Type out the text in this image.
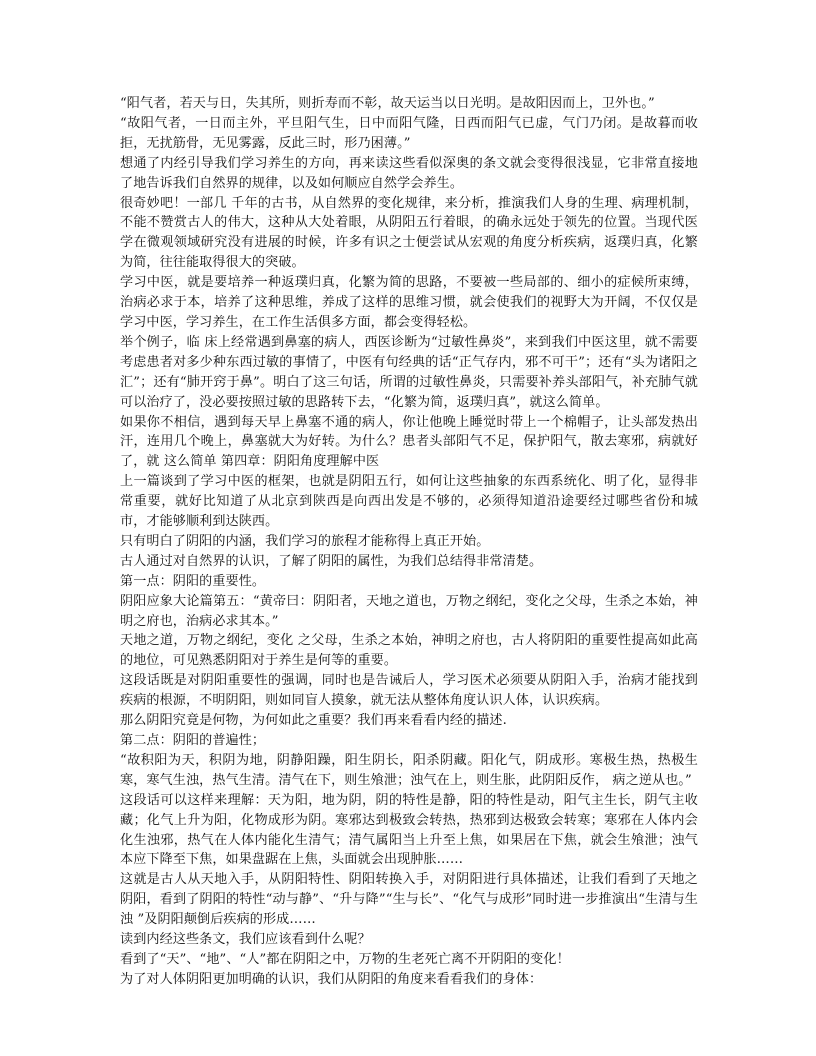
“阳气者，若天与日，失其所，则折寿而不彰，故天运当以日光明。是故阳因而上，卫外也。”

“故阳气者，一日而主外，平旦阳气生，日中而阳气隆，日西而阳气已虚，气门乃闭。是故暮而收拒，无扰筋骨，无见雾露，反此三时，形乃困薄。”

想通了内经引导我们学习养生的方向，再来读这些看似深奥的条文就会变得很浅显，它非常直接地了地告诉我们自然界的规律，以及如何顺应自然学会养生。

很奇妙吧！一部几 千年的古书，从自然界的变化规律，来分析，推演我们人身的生理、病理机制，不能不赞赏古人的伟大，这种从大处着眼，从阴阳五行着眼，的确永远处于领先的位置。当现代医学在微观领域研究没有进展的时候，许多有识之士便尝试从宏观的角度分析疾病，返璞归真，化繁为简，往往能取得很大的突破。

学习中医，就是要培养一种返璞归真，化繁为简的思路，不要被一些局部的、细小的症候所束缚，治病必求于本，培养了这种思维，养成了这样的思维习惯，就会使我们的视野大为开阔，不仅仅是学习中医，学习养生，在工作生活俱多方面，都会变得轻松。

举个例子，临 床上经常遇到鼻塞的病人，西医诊断为“过敏性鼻炎”，来到我们中医这里，就不需要考虑患者对多少种东西过敏的事情了，中医有句经典的话“正气存内，邪不可干”；还有“头为诸阳之汇”；还有“肺开窍于鼻”。明白了这三句话，所谓的过敏性鼻炎，只需要补养头部阳气，补充肺气就可以治疗了，没必要按照过敏的思路转下去，“化繁为简，返璞归真”，就这么简单。

如果你不相信，遇到每天早上鼻塞不通的病人，你让他晚上睡觉时带上一个棉帽子，让头部发热出汗，连用几个晚上，鼻塞就大为好转。为什么？患者头部阳气不足，保护阳气，散去寒邪，病就好了，就 这么简单 第四章：阴阳角度理解中医

上一篇谈到了学习中医的框架，也就是阴阳五行，如何让这些抽象的东西系统化、明了化，显得非常重要，就好比知道了从北京到陕西是向西出发是不够的，必须得知道沿途要经过哪些省份和城市，才能够顺利到达陕西。

只有明白了阴阳的内涵，我们学习的旅程才能称得上真正开始。

古人通过对自然界的认识，了解了阴阳的属性，为我们总结得非常清楚。

第一点：阴阳的重要性。

阴阳应象大论篇第五：“黄帝曰：阴阳者，天地之道也，万物之纲纪，变化之父母，生杀之本始，神明之府也，治病必求其本。”

天地之道，万物之纲纪，变化 之父母，生杀之本始，神明之府也，古人将阴阳的重要性提高如此高的地位，可见熟悉阴阳对于养生是何等的重要。

这段话既是对阴阳重要性的强调，同时也是告诫后人，学习医术必须要从阴阳入手，治病才能找到疾病的根源，不明阴阳，则如同盲人摸象，就无法从整体角度认识人体，认识疾病。

那么阴阳究竟是何物，为何如此之重要？我们再来看看内经的描述.

第二点：阴阳的普遍性；

“故积阳为天，积阴为地，阴静阳躁，阳生阴长，阳杀阴藏。阳化气，阴成形。寒极生热，热极生寒，寒气生浊，热气生清。清气在下，则生飧泄；浊气在上，则生胀，此阴阳反作， 病之逆从也。”

这段话可以这样来理解：天为阳，地为阴，阴的特性是静，阳的特性是动，阳气主生长，阴气主收藏；化气上升为阳，化物成形为阴。寒邪达到极致会转热，热邪到达极致会转寒；寒邪在人体内会化生浊邪，热气在人体内能化生清气；清气属阳当上升至上焦，如果居在下焦，就会生飧泄；浊气本应下降至下焦，如果盘踞在上焦，头面就会出现肿胀……

这就是古人从天地入手，从阴阳特性、阴阳转换入手，对阴阳进行具体描述，让我们看到了天地之阴阳，看到了阴阳的特性“动与静”、“升与降”“生与长”、“化气与成形”同时进一步推演出“生清与生浊 ”及阴阳颠倒后疾病的形成……

读到内经这些条文，我们应该看到什么呢？

看到了“天”、“地”、“人”都在阴阳之中，万物的生老死亡离不开阴阳的变化！

为了对人体阴阳更加明确的认识，我们从阴阳的角度来看看我们的身体：
